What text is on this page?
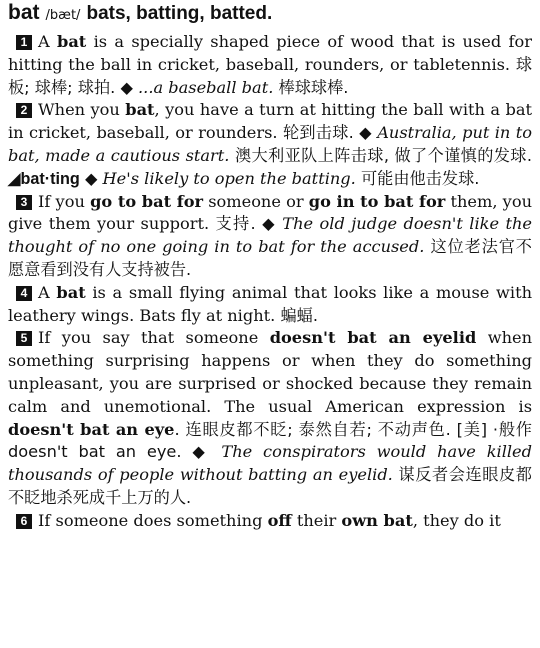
bat /bæt/ bats, batting, batted.

1 A bat is a specially shaped piece of wood that is used for hitting the ball in cricket, baseball, rounders, or tabletennis. 球板; 球棒; 球拍. ◆ ...a baseball bat. 棒球球棒.

2 When you bat, you have a turn at hitting the ball with a bat in cricket, baseball, or rounders. 轮到击球. ◆ Australia, put in to bat, made a cautious start. 澳大利亚队上阵击球, 做了个谨慎的发球. ◢bat·ting ◆ He's likely to open the batting. 可能由他击发球.

3 If you go to bat for someone or go in to bat for them, you give them your support. 支持. ◆ The old judge doesn't like the thought of no one going in to bat for the accused. 这位老法官不愿意看到没有人支持被告.

4 A bat is a small flying animal that looks like a mouse with leathery wings. Bats fly at night. 蝙蝠.

5 If you say that someone doesn't bat an eyelid when something surprising happens or when they do something unpleasant, you are surprised or shocked because they remain calm and unemotional. The usual American expression is doesn't bat an eye. 连眼皮都不眨; 泰然自若; 不动声色. [美] ·般作doesn't bat an eye. ◆ The conspirators would have killed thousands of people without batting an eyelid. 谋反者会连眼皮都不眨地杀死成千上万的人.

6 If someone does something off their own bat, they do it
